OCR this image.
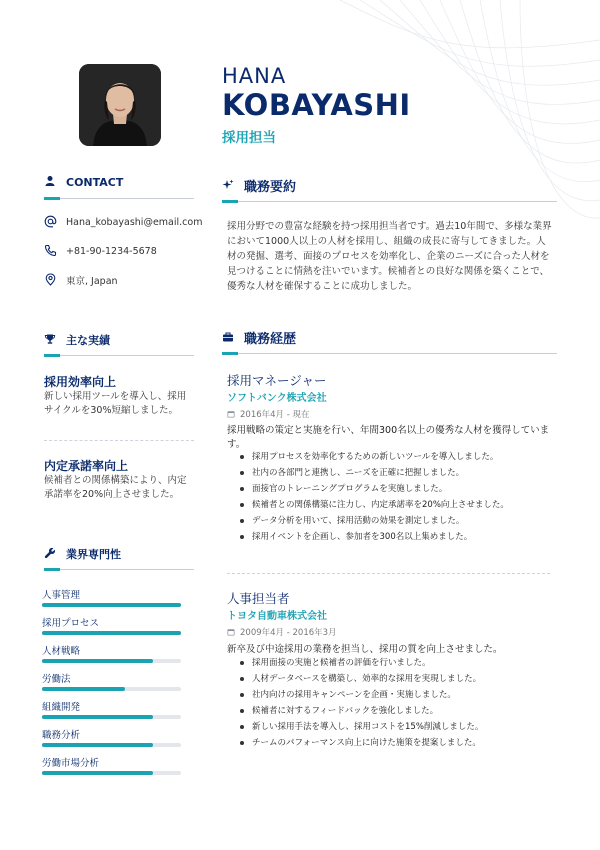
HANA
KOBAYASHI
採用担当
CONTACT
Hana_kobayashi@email.com
+81-90-1234-5678
東京, Japan
主な実績
採用効率向上
新しい採用ツールを導入し、採用サイクルを30%短縮しました。
内定承諾率向上
候補者との関係構築により、内定承諾率を20%向上させました。
業界専門性
人事管理
採用プロセス
人材戦略
労働法
組織開発
職務分析
労働市場分析
職務要約
採用分野での豊富な経験を持つ採用担当者です。過去10年間で、多様な業界において1000人以上の人材を採用し、組織の成長に寄与してきました。人材の発掘、選考、面接のプロセスを効率化し、企業のニーズに合った人材を見つけることに情熱を注いでいます。候補者との良好な関係を築くことで、優秀な人材を確保することに成功しました。
職務経歴
採用マネージャー
ソフトバンク株式会社
2016年4月 - 現在
採用戦略の策定と実施を行い、年間300名以上の優秀な人材を獲得しています。
採用プロセスを効率化するための新しいツールを導入しました。
社内の各部門と連携し、ニーズを正確に把握しました。
面接官のトレーニングプログラムを実施しました。
候補者との関係構築に注力し、内定承諾率を20%向上させました。
データ分析を用いて、採用活動の効果を測定しました。
採用イベントを企画し、参加者を300名以上集めました。
人事担当者
トヨタ自動車株式会社
2009年4月 - 2016年3月
新卒及び中途採用の業務を担当し、採用の質を向上させました。
採用面接の実施と候補者の評価を行いました。
人材データベースを構築し、効率的な採用を実現しました。
社内向けの採用キャンペーンを企画・実施しました。
候補者に対するフィードバックを強化しました。
新しい採用手法を導入し、採用コストを15%削減しました。
チームのパフォーマンス向上に向けた施策を提案しました。
